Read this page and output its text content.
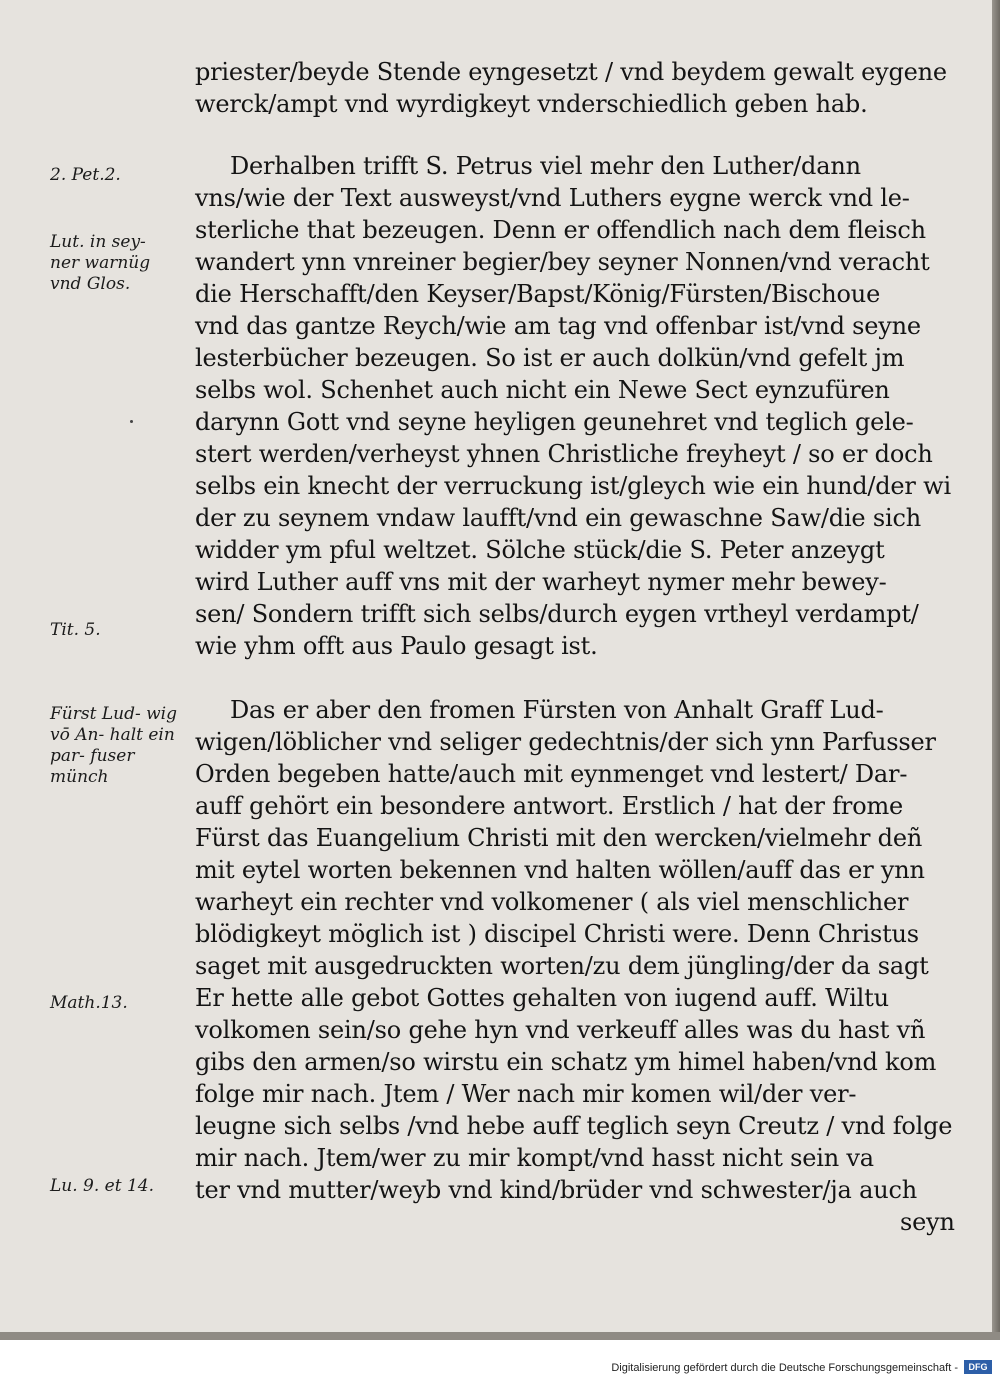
2. Pet.2.
Lut. in sey- ner warnüg vnd Glos.
Tit. 5.
Fürst Lud- wig vō An- halt ein par- fuser münch
Math.13.
Lu. 9. et 14.
priester/beyde Stende eyngesetzt / vnd beydem gewalt eygene
werck/ampt vnd wyrdigkeyt vnderschiedlich geben hab.
Derhalben trifft S. Petrus viel mehr den Luther/dann
vns/wie der Text ausweyst/vnd Luthers eygne werck vnd le-
sterliche that bezeugen. Denn er offendlich nach dem fleisch
wandert ynn vnreiner begier/bey seyner Nonnen/vnd veracht
die Herschafft/den Keyser/Bapst/König/Fürsten/Bischoue
vnd das gantze Reych/wie am tag vnd offenbar ist/vnd seyne
lesterbücher bezeugen. So ist er auch dolkün/vnd gefelt jm
selbs wol. Schenhet auch nicht ein Newe Sect eynzufüren
darynn Gott vnd seyne heyligen geunehret vnd teglich gele-
stert werden/verheyst yhnen Christliche freyheyt / so er doch
selbs ein knecht der verruckung ist/gleych wie ein hund/der wi
der zu seynem vndaw laufft/vnd ein gewaschne Saw/die sich
widder ym pful weltzet. Sölche stück/die S. Peter anzeygt
wird Luther auff vns mit der warheyt nymer mehr bewey-
sen/ Sondern trifft sich selbs/durch eygen vrtheyl verdampt/
wie yhm offt aus Paulo gesagt ist.
Das er aber den fromen Fürsten von Anhalt Graff Lud-
wigen/löblicher vnd seliger gedechtnis/der sich ynn Parfusser
Orden begeben hatte/auch mit eynmenget vnd lestert/ Dar-
auff gehört ein besondere antwort. Erstlich / hat der frome
Fürst das Euangelium Christi mit den wercken/vielmehr deñ
mit eytel worten bekennen vnd halten wöllen/auff das er ynn
warheyt ein rechter vnd volkomener ( als viel menschlicher
blödigkeyt möglich ist ) discipel Christi were. Denn Christus
saget mit ausgedruckten worten/zu dem jüngling/der da sagt
Er hette alle gebot Gottes gehalten von iugend auff. Wiltu
volkomen sein/so gehe hyn vnd verkeuff alles was du hast vñ
gibs den armen/so wirstu ein schatz ym himel haben/vnd kom
folge mir nach. Jtem / Wer nach mir komen wil/der ver-
leugne sich selbs /vnd hebe auff teglich seyn Creutz / vnd folge
mir nach. Jtem/wer zu mir kompt/vnd hasst nicht sein va
ter vnd mutter/weyb vnd kind/brüder vnd schwester/ja auch
seyn
Digitalisierung gefördert durch die Deutsche Forschungsgemeinschaft -	DFG
